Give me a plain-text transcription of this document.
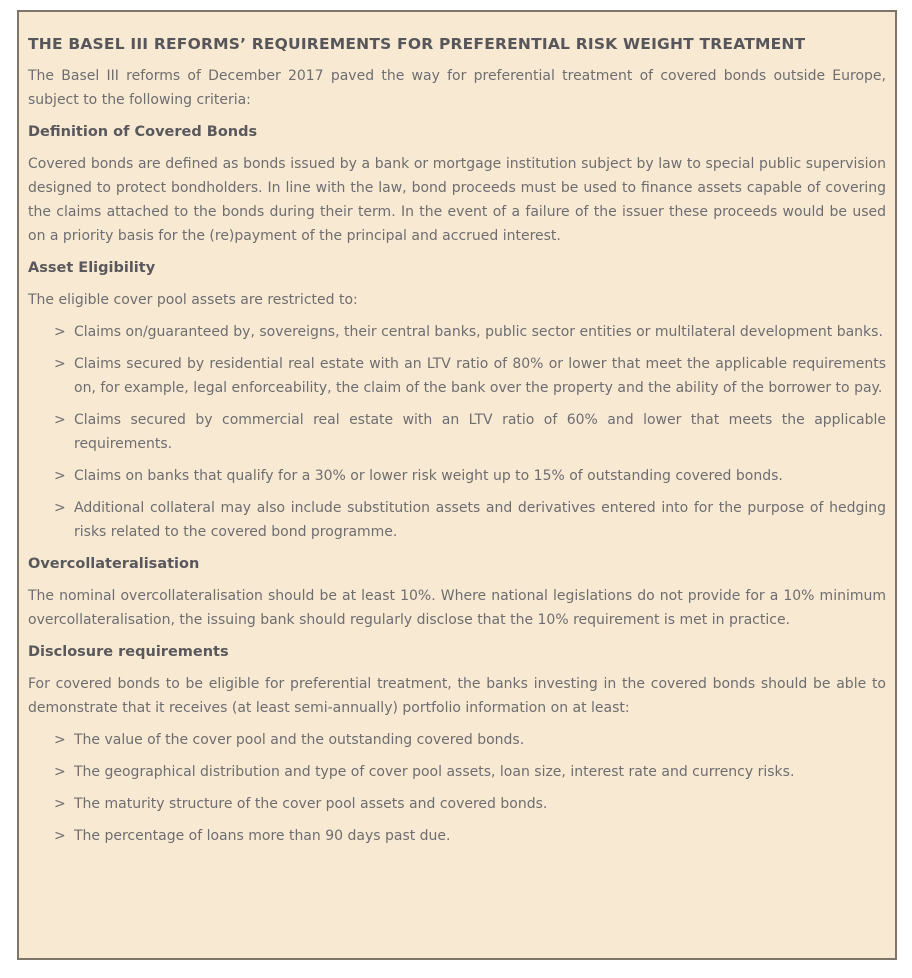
THE BASEL III REFORMS’ REQUIREMENTS FOR PREFERENTIAL RISK WEIGHT TREATMENT

The Basel III reforms of December 2017 paved the way for preferential treatment of covered bonds outside Europe, subject to the following criteria:

Definition of Covered Bonds

Covered bonds are defined as bonds issued by a bank or mortgage institution subject by law to special public supervision designed to protect bondholders. In line with the law, bond proceeds must be used to finance assets capable of covering the claims attached to the bonds during their term. In the event of a failure of the issuer these proceeds would be used on a priority basis for the (re)payment of the principal and accrued interest.

Asset Eligibility

The eligible cover pool assets are restricted to:

> Claims on/guaranteed by, sovereigns, their central banks, public sector entities or multilateral development banks.
> Claims secured by residential real estate with an LTV ratio of 80% or lower that meet the applicable requirements on, for example, legal enforceability, the claim of the bank over the property and the ability of the borrower to pay.
> Claims secured by commercial real estate with an LTV ratio of 60% and lower that meets the applicable requirements.
> Claims on banks that qualify for a 30% or lower risk weight up to 15% of outstanding covered bonds.
> Additional collateral may also include substitution assets and derivatives entered into for the purpose of hedging risks related to the covered bond programme.
Overcollateralisation

The nominal overcollateralisation should be at least 10%. Where national legislations do not provide for a 10% minimum overcollateralisation, the issuing bank should regularly disclose that the 10% requirement is met in practice.

Disclosure requirements

For covered bonds to be eligible for preferential treatment, the banks investing in the covered bonds should be able to demonstrate that it receives (at least semi-annually) portfolio information on at least:

> The value of the cover pool and the outstanding covered bonds.
> The geographical distribution and type of cover pool assets, loan size, interest rate and currency risks.
> The maturity structure of the cover pool assets and covered bonds.
> The percentage of loans more than 90 days past due.
